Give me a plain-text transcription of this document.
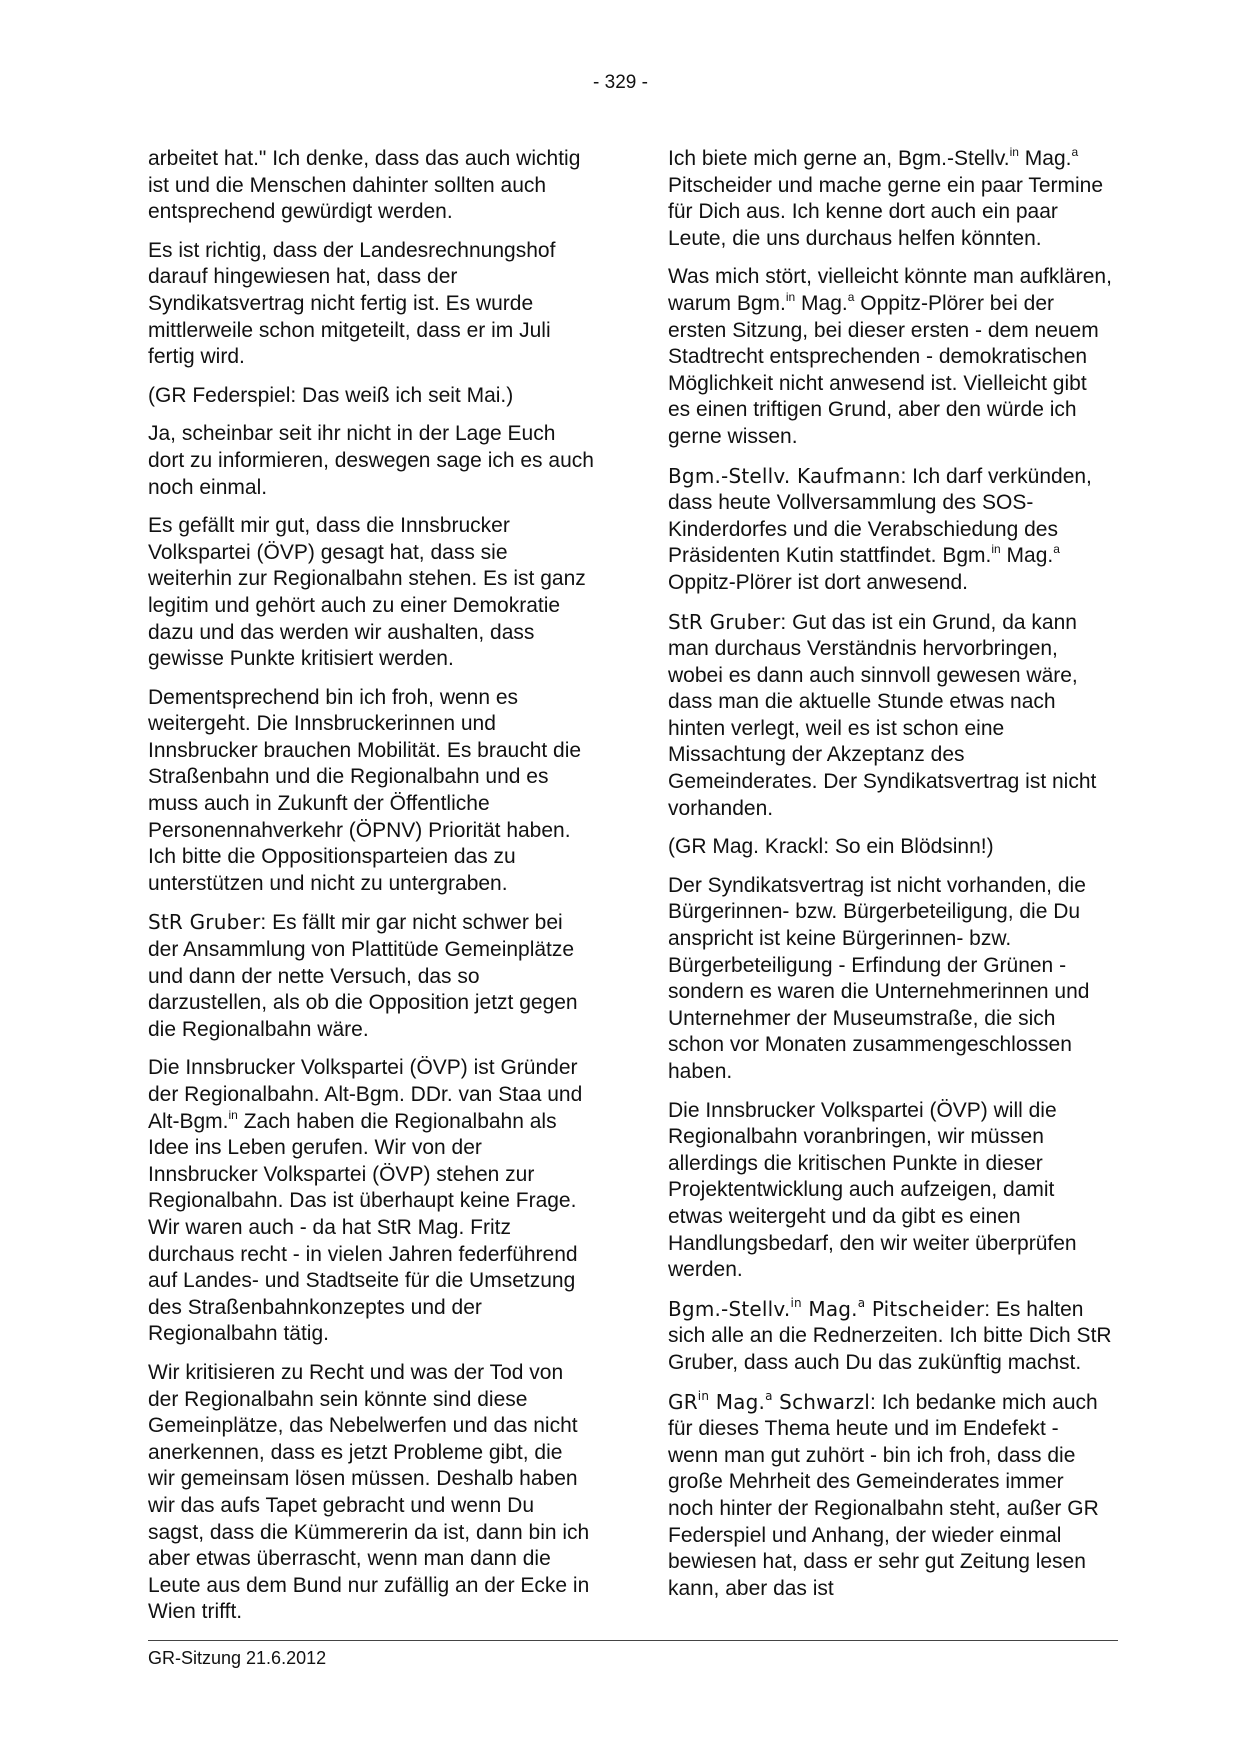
- 329 -

arbeitet hat." Ich denke, dass das auch wichtig ist und die Menschen dahinter sollten auch entsprechend gewürdigt werden.

Es ist richtig, dass der Landesrechnungshof darauf hingewiesen hat, dass der Syndikatsvertrag nicht fertig ist. Es wurde mittlerweile schon mitgeteilt, dass er im Juli fertig wird.

(GR Federspiel: Das weiß ich seit Mai.)

Ja, scheinbar seit ihr nicht in der Lage Euch dort zu informieren, deswegen sage ich es auch noch einmal.

Es gefällt mir gut, dass die Innsbrucker Volkspartei (ÖVP) gesagt hat, dass sie weiterhin zur Regionalbahn stehen. Es ist ganz legitim und gehört auch zu einer Demokratie dazu und das werden wir aushalten, dass gewisse Punkte kritisiert werden.

Dementsprechend bin ich froh, wenn es weitergeht. Die Innsbruckerinnen und Innsbrucker brauchen Mobilität. Es braucht die Straßenbahn und die Regionalbahn und es muss auch in Zukunft der Öffentliche Personennahverkehr (ÖPNV) Priorität haben. Ich bitte die Oppositionsparteien das zu unterstützen und nicht zu untergraben.

StR Gruber: Es fällt mir gar nicht schwer bei der Ansammlung von Plattitüde Gemeinplätze und dann der nette Versuch, das so darzustellen, als ob die Opposition jetzt gegen die Regionalbahn wäre.

Die Innsbrucker Volkspartei (ÖVP) ist Gründer der Regionalbahn. Alt-Bgm. DDr. van Staa und Alt-Bgm.$^{in}$ Zach haben die Regionalbahn als Idee ins Leben gerufen. Wir von der Innsbrucker Volkspartei (ÖVP) stehen zur Regionalbahn. Das ist überhaupt keine Frage. Wir waren auch - da hat StR Mag. Fritz durchaus recht - in vielen Jahren federführend auf Landes- und Stadtseite für die Umsetzung des Straßenbahnkonzeptes und der Regionalbahn tätig.

Wir kritisieren zu Recht und was der Tod von der Regionalbahn sein könnte sind diese Gemeinplätze, das Nebelwerfen und das nicht anerkennen, dass es jetzt Probleme gibt, die wir gemeinsam lösen müssen. Deshalb haben wir das aufs Tapet gebracht und wenn Du sagst, dass die Kümmererin da ist, dann bin ich aber etwas überrascht, wenn man dann die Leute aus dem Bund nur zufällig an der Ecke in Wien trifft.

Ich biete mich gerne an, Bgm.-Stellv.$^{in}$ Mag.$^a$ Pitscheider und mache gerne ein paar Termine für Dich aus. Ich kenne dort auch ein paar Leute, die uns durchaus helfen könnten.

Was mich stört, vielleicht könnte man aufklären, warum Bgm.$^{in}$ Mag.$^a$ Oppitz-Plörer bei der ersten Sitzung, bei dieser ersten - dem neuem Stadtrecht entsprechenden - demokratischen Möglichkeit nicht anwesend ist. Vielleicht gibt es einen triftigen Grund, aber den würde ich gerne wissen.

Bgm.-Stellv. Kaufmann: Ich darf verkünden, dass heute Vollversammlung des SOS-Kinderdorfes und die Verabschiedung des Präsidenten Kutin stattfindet. Bgm.$^{in}$ Mag.$^a$ Oppitz-Plörer ist dort anwesend.

StR Gruber: Gut das ist ein Grund, da kann man durchaus Verständnis hervorbringen, wobei es dann auch sinnvoll gewesen wäre, dass man die aktuelle Stunde etwas nach hinten verlegt, weil es ist schon eine Missachtung der Akzeptanz des Gemeinderates. Der Syndikatsvertrag ist nicht vorhanden.

(GR Mag. Krackl: So ein Blödsinn!)

Der Syndikatsvertrag ist nicht vorhanden, die Bürgerinnen- bzw. Bürgerbeteiligung, die Du anspricht ist keine Bürgerinnen- bzw. Bürgerbeteiligung - Erfindung der Grünen - sondern es waren die Unternehmerinnen und Unternehmer der Museumstraße, die sich schon vor Monaten zusammengeschlossen haben.

Die Innsbrucker Volkspartei (ÖVP) will die Regionalbahn voranbringen, wir müssen allerdings die kritischen Punkte in dieser Projektentwicklung auch aufzeigen, damit etwas weitergeht und da gibt es einen Handlungsbedarf, den wir weiter überprüfen werden.

Bgm.-Stellv.$^{in}$ Mag.$^a$ Pitscheider: Es halten sich alle an die Rednerzeiten. Ich bitte Dich StR Gruber, dass auch Du das zukünftig machst.

$GR^{in}$ Mag.$^a$ Schwarzl: Ich bedanke mich auch für dieses Thema heute und im Endefekt - wenn man gut zuhört - bin ich froh, dass die große Mehrheit des Gemeinderates immer noch hinter der Regionalbahn steht, außer GR Federspiel und Anhang, der wieder einmal bewiesen hat, dass er sehr gut Zeitung lesen kann, aber das ist

GR-Sitzung 21.6.2012
